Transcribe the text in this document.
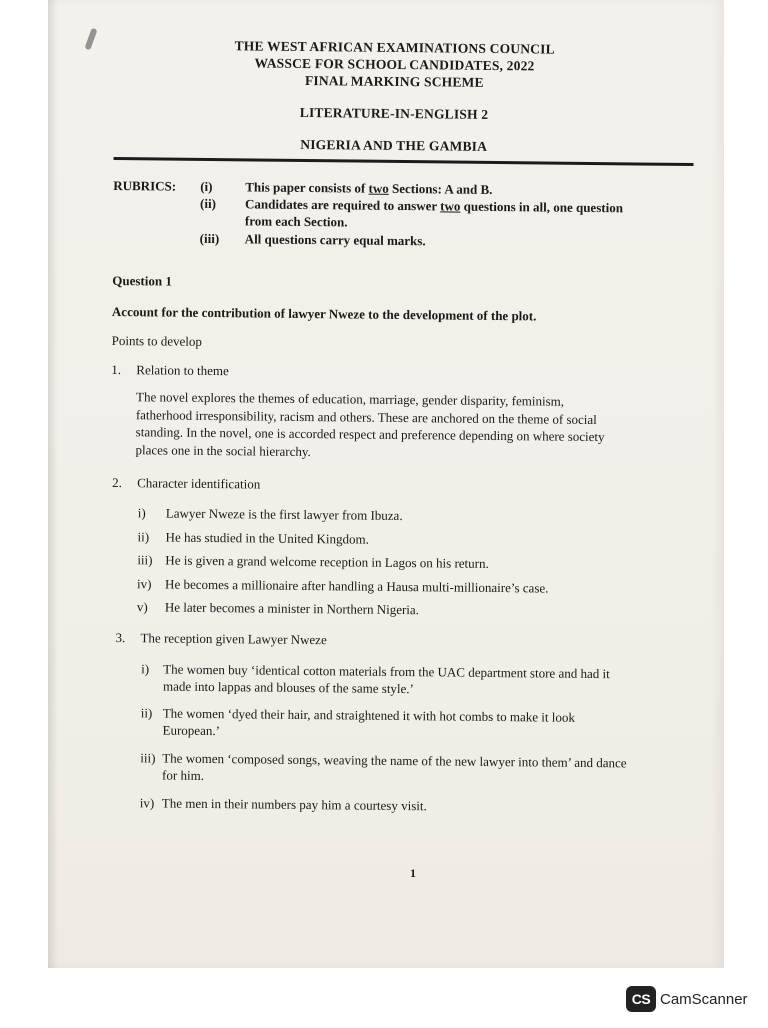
THE WEST AFRICAN EXAMINATIONS COUNCIL
WASSCE FOR SCHOOL CANDIDATES, 2022
FINAL MARKING SCHEME
LITERATURE-IN-ENGLISH 2
NIGERIA AND THE GAMBIA
RUBRICS: (i)	This paper consists of two Sections: A and B.
(ii) Candidates are required to answer two questions in all, one question
from each Section.
(iii) All questions carry equal marks.
Question 1
Account for the contribution of lawyer Nweze to the development of the plot.
Points to develop
1. Relation to theme
The novel explores the themes of education, marriage, gender disparity, feminism,
fatherhood irresponsibility, racism and others. These are anchored on the theme of social
standing. In the novel, one is accorded respect and preference depending on where society
places one in the social hierarchy.
2. Character identification
i) Lawyer Nweze is the first lawyer from Ibuza.
ii) He has studied in the United Kingdom.
iii) He is given a grand welcome reception in Lagos on his return.
iv) He becomes a millionaire after handling a Hausa multi-millionaire’s case.
v) He later becomes a minister in Northern Nigeria.
3. The reception given Lawyer Nweze
i) The women buy ‘identical cotton materials from the UAC department store and had it
made into lappas and blouses of the same style.’
ii) The women ‘dyed their hair, and straightened it with hot combs to make it look
European.’
iii) The women ‘composed songs, weaving the name of the new lawyer into them’ and dance
for him.
iv) The men in their numbers pay him a courtesy visit.
1
CS CamScanner
